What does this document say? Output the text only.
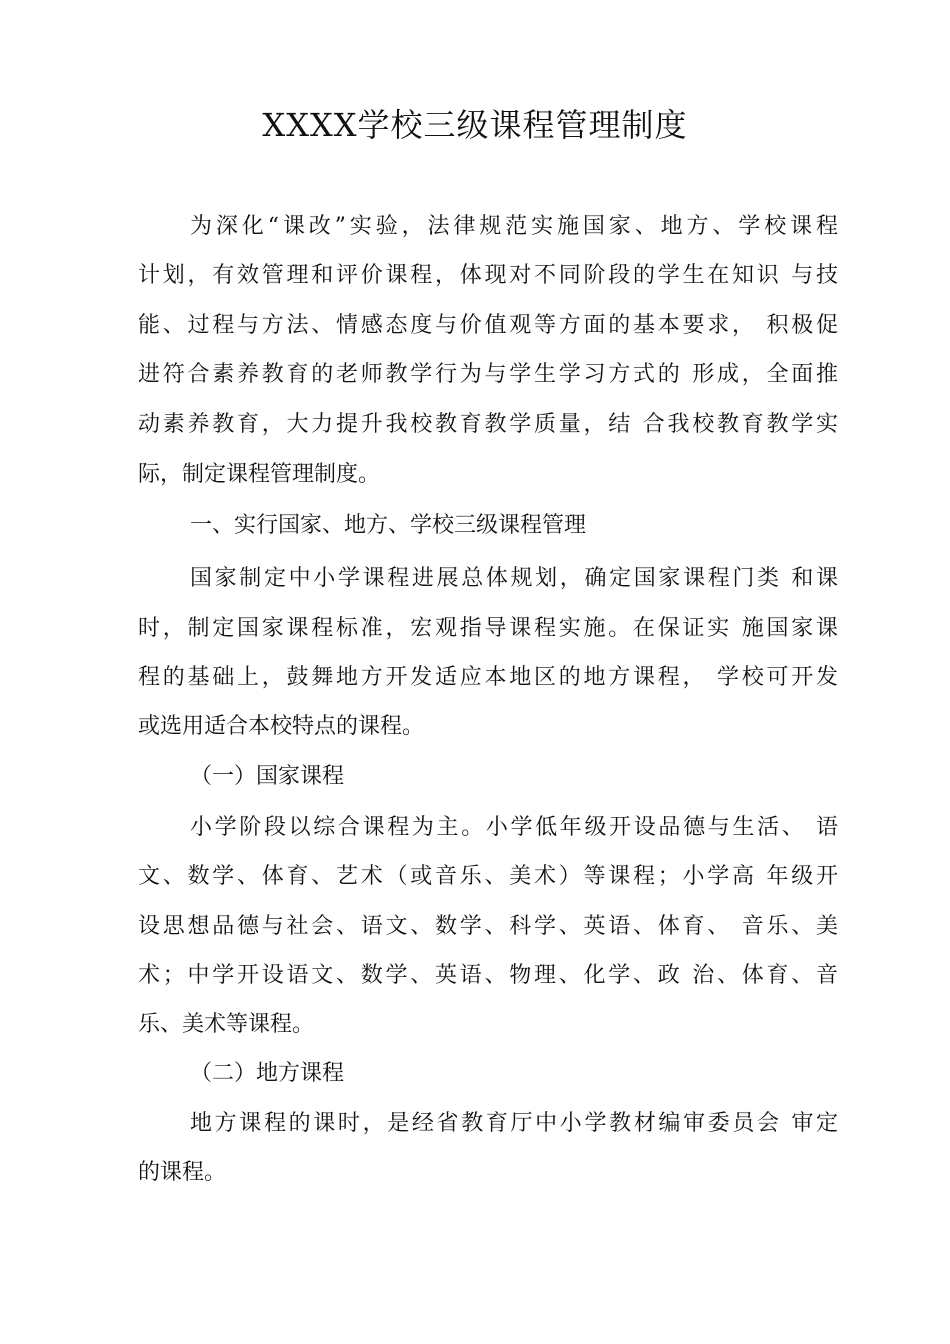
XXXX学校三级课程管理制度
为深化“课改”实验，法律规范实施国家、地方、学校课程
计划，有效管理和评价课程，体现对不同阶段的学生在知识 与技
能、过程与方法、情感态度与价值观等方面的基本要求， 积极促
进符合素养教育的老师教学行为与学生学习方式的 形成，全面推
动素养教育，大力提升我校教育教学质量，结 合我校教育教学实
际，制定课程管理制度。
一、实行国家、地方、学校三级课程管理
国家制定中小学课程进展总体规划，确定国家课程门类 和课
时，制定国家课程标准，宏观指导课程实施。在保证实 施国家课
程的基础上，鼓舞地方开发适应本地区的地方课程， 学校可开发
或选用适合本校特点的课程。
（一）国家课程
小学阶段以综合课程为主。小学低年级开设品德与生活、 语
文、数学、体育、艺术（或音乐、美术）等课程；小学高 年级开
设思想品德与社会、语文、数学、科学、英语、体育、 音乐、美
术；中学开设语文、数学、英语、物理、化学、政 治、体育、音
乐、美术等课程。
（二）地方课程
地方课程的课时，是经省教育厅中小学教材编审委员会 审定
的课程。
